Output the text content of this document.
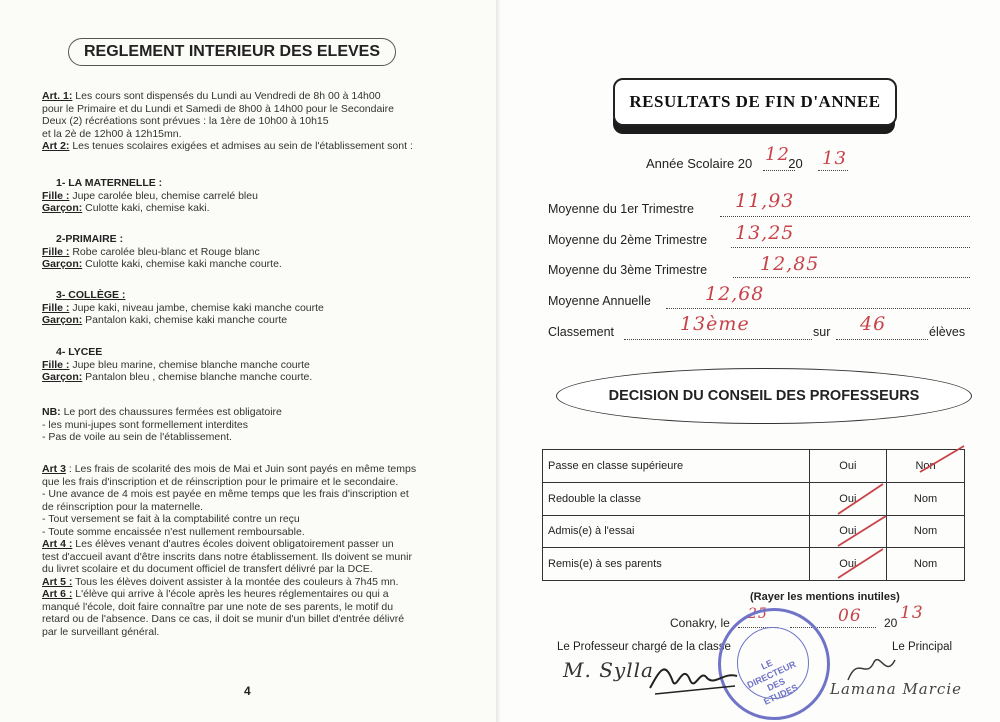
REGLEMENT INTERIEUR DES ELEVES
Art. 1: Les cours sont dispensés du Lundi au Vendredi de 8h 00 à 14h00
pour le Primaire et du Lundi et Samedi de 8h00 à 14h00 pour le Secondaire
Deux (2) récréations sont prévues : la 1ère de 10h00 à 10h15
et la 2è de 12h00 à 12h15mn.
Art 2: Les tenues scolaires exigées et admises au sein de l'établissement sont :
1- LA MATERNELLE :
Fille : Jupe carolée bleu, chemise carrelé bleu
Garçon: Culotte kaki, chemise kaki.
2-PRIMAIRE :
Fille : Robe carolée bleu-blanc et Rouge blanc
Garçon: Culotte kaki, chemise kaki manche courte.
3- COLLÈGE :
Fille : Jupe kaki, niveau jambe, chemise kaki manche courte
Garçon: Pantalon kaki, chemise kaki manche courte
4- LYCEE
Fille : Jupe bleu marine, chemise blanche manche courte
Garçon: Pantalon bleu , chemise blanche manche courte.
NB: Le port des chaussures fermées est obligatoire
- les muni-jupes sont formellement interdites
- Pas de voile au sein de l'établissement.
Art 3 : Les frais de scolarité des mois de Mai et Juin sont payés en même temps
que les frais d'inscription et de réinscription pour le primaire et le secondaire.
- Une avance de 4 mois est payée en même temps que les frais d'inscription et
de réinscription pour la maternelle.
- Tout versement se fait à la comptabilité contre un reçu
- Toute somme encaissée n'est nullement remboursable.
Art 4 : Les élèves venant d'autres écoles doivent obligatoirement passer un
test d'accueil avant d'être inscrits dans notre établissement. Ils doivent se munir
du livret scolaire et du document officiel de transfert délivré par la DCE.
Art 5 : Tous les élèves doivent assister à la montée des couleurs à 7h45 mn.
Art 6 : L'élève qui arrive à l'école après les heures réglementaires ou qui a
manqué l'école, doit faire connaître par une note de ses parents, le motif du
retard ou de l'absence. Dans ce cas, il doit se munir d'un billet d'entrée délivré
par le surveillant général.
4
RESULTATS DE FIN D'ANNEE
Année Scolaire 20	20
12 13
Moyenne du 1er Trimestre 11,93
Moyenne du 2ème Trimestre 13,25
Moyenne du 3ème Trimestre	12,85
Moyenne Annuelle	12,68
Classement	13ème	sur 46	élèves
DECISION DU CONSEIL DES PROFESSEURS
Passe en classe supérieure	Oui	Non
Redouble la classe	Oui	Nom
Admis(e) à l'essai	Oui	Nom
Remis(e) à ses parents	Oui	Nom
(Rayer les mentions inutiles)
Conakry, le
25	06 20 13
Le Professeur chargé de la classe	Le Principal
LE DIRECTEUR DES ETUDES
M. Sylla
Lamana Marcie
